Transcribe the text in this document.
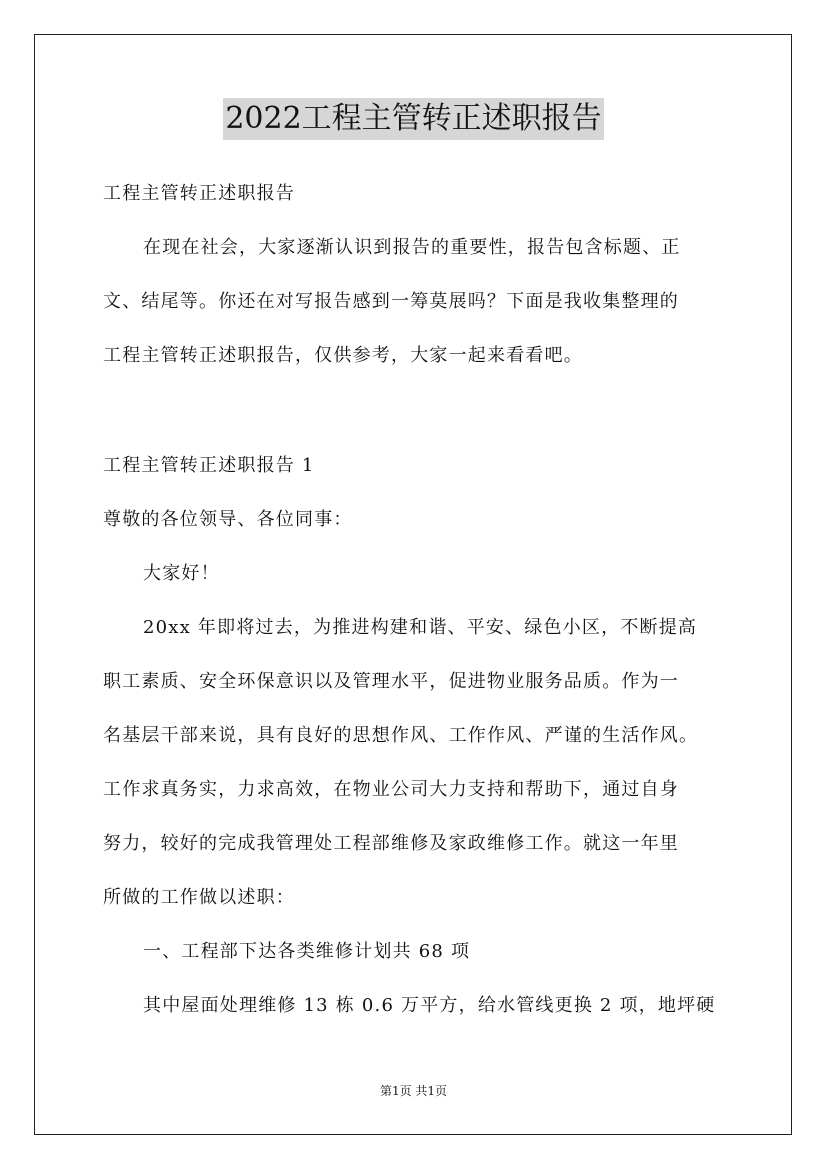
2022工程主管转正述职报告
工程主管转正述职报告
在现在社会，大家逐渐认识到报告的重要性，报告包含标题、正
文、结尾等。你还在对写报告感到一筹莫展吗？下面是我收集整理的
工程主管转正述职报告，仅供参考，大家一起来看看吧。
工程主管转正述职报告 1
尊敬的各位领导、各位同事：
大家好！
20xx 年即将过去，为推进构建和谐、平安、绿色小区，不断提高
职工素质、安全环保意识以及管理水平，促进物业服务品质。作为一
名基层干部来说，具有良好的思想作风、工作作风、严谨的生活作风。
工作求真务实，力求高效，在物业公司大力支持和帮助下，通过自身
努力，较好的完成我管理处工程部维修及家政维修工作。就这一年里
所做的工作做以述职：
一、工程部下达各类维修计划共 68 项
其中屋面处理维修 13 栋 0.6 万平方，给水管线更换 2 项，地坪硬
第1页 共1页
